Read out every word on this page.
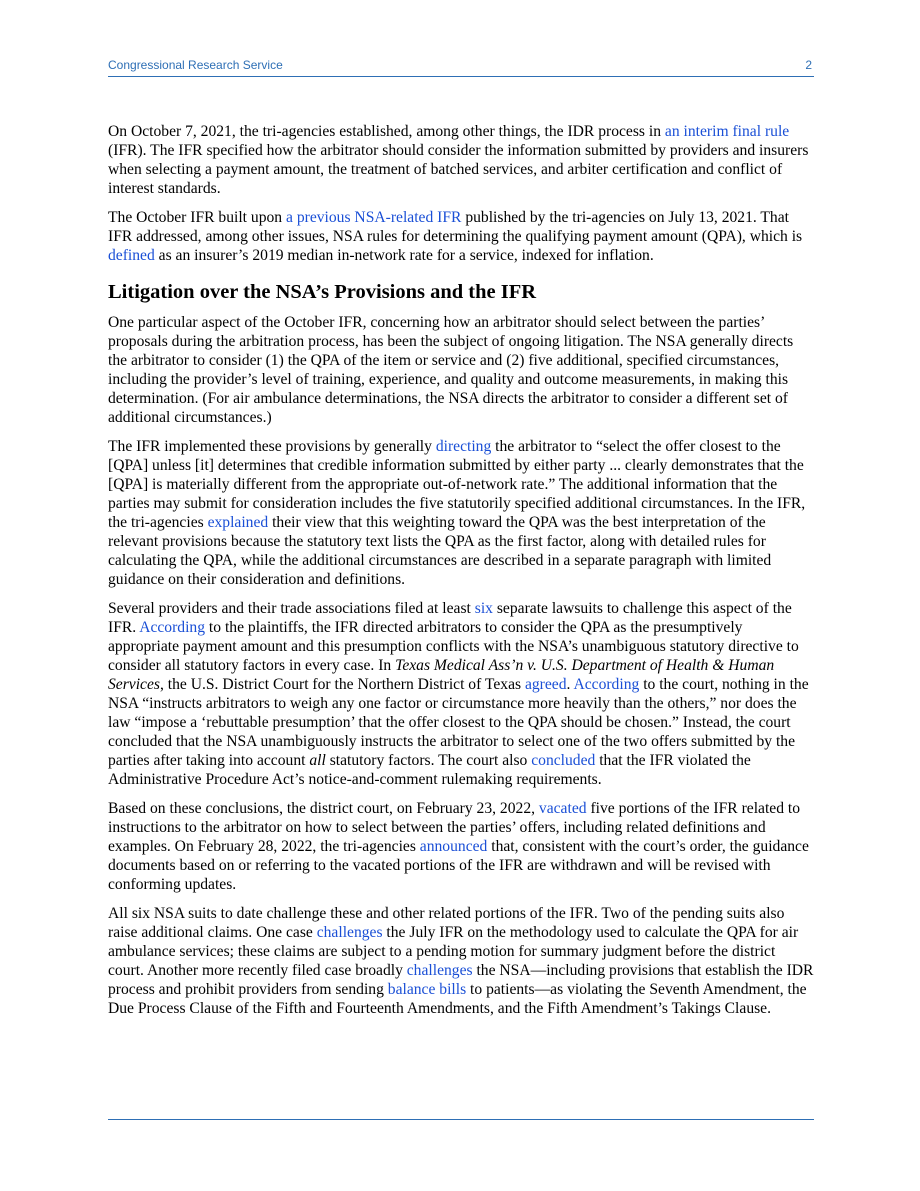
Congressional Research Service	2

On October 7, 2021, the tri-agencies established, among other things, the IDR process in an interim final rule (IFR). The IFR specified how the arbitrator should consider the information submitted by providers and insurers when selecting a payment amount, the treatment of batched services, and arbiter certification and conflict of interest standards.

The October IFR built upon a previous NSA-related IFR published by the tri-agencies on July 13, 2021. That IFR addressed, among other issues, NSA rules for determining the qualifying payment amount (QPA), which is defined as an insurer’s 2019 median in-network rate for a service, indexed for inflation.

Litigation over the NSA’s Provisions and the IFR

One particular aspect of the October IFR, concerning how an arbitrator should select between the parties’ proposals during the arbitration process, has been the subject of ongoing litigation. The NSA generally directs the arbitrator to consider (1) the QPA of the item or service and (2) five additional, specified circumstances, including the provider’s level of training, experience, and quality and outcome measurements, in making this determination. (For air ambulance determinations, the NSA directs the arbitrator to consider a different set of additional circumstances.)

The IFR implemented these provisions by generally directing the arbitrator to “select the offer closest to the [QPA] unless [it] determines that credible information submitted by either party ... clearly demonstrates that the [QPA] is materially different from the appropriate out-of-network rate.” The additional information that the parties may submit for consideration includes the five statutorily specified additional circumstances. In the IFR, the tri-agencies explained their view that this weighting toward the QPA was the best interpretation of the relevant provisions because the statutory text lists the QPA as the first factor, along with detailed rules for calculating the QPA, while the additional circumstances are described in a separate paragraph with limited guidance on their consideration and definitions.

Several providers and their trade associations filed at least six separate lawsuits to challenge this aspect of the IFR. According to the plaintiffs, the IFR directed arbitrators to consider the QPA as the presumptively appropriate payment amount and this presumption conflicts with the NSA’s unambiguous statutory directive to consider all statutory factors in every case. In Texas Medical Ass’n v. U.S. Department of Health & Human Services, the U.S. District Court for the Northern District of Texas agreed. According to the court, nothing in the NSA “instructs arbitrators to weigh any one factor or circumstance more heavily than the others,” nor does the law “impose a ‘rebuttable presumption’ that the offer closest to the QPA should be chosen.” Instead, the court concluded that the NSA unambiguously instructs the arbitrator to select one of the two offers submitted by the parties after taking into account all statutory factors. The court also concluded that the IFR violated the Administrative Procedure Act’s notice-and-comment rulemaking requirements.

Based on these conclusions, the district court, on February 23, 2022, vacated five portions of the IFR related to instructions to the arbitrator on how to select between the parties’ offers, including related definitions and examples. On February 28, 2022, the tri-agencies announced that, consistent with the court’s order, the guidance documents based on or referring to the vacated portions of the IFR are withdrawn and will be revised with conforming updates.

All six NSA suits to date challenge these and other related portions of the IFR. Two of the pending suits also raise additional claims. One case challenges the July IFR on the methodology used to calculate the QPA for air ambulance services; these claims are subject to a pending motion for summary judgment before the district court. Another more recently filed case broadly challenges the NSA—including provisions that establish the IDR process and prohibit providers from sending balance bills to patients—as violating the Seventh Amendment, the Due Process Clause of the Fifth and Fourteenth Amendments, and the Fifth Amendment’s Takings Clause.
